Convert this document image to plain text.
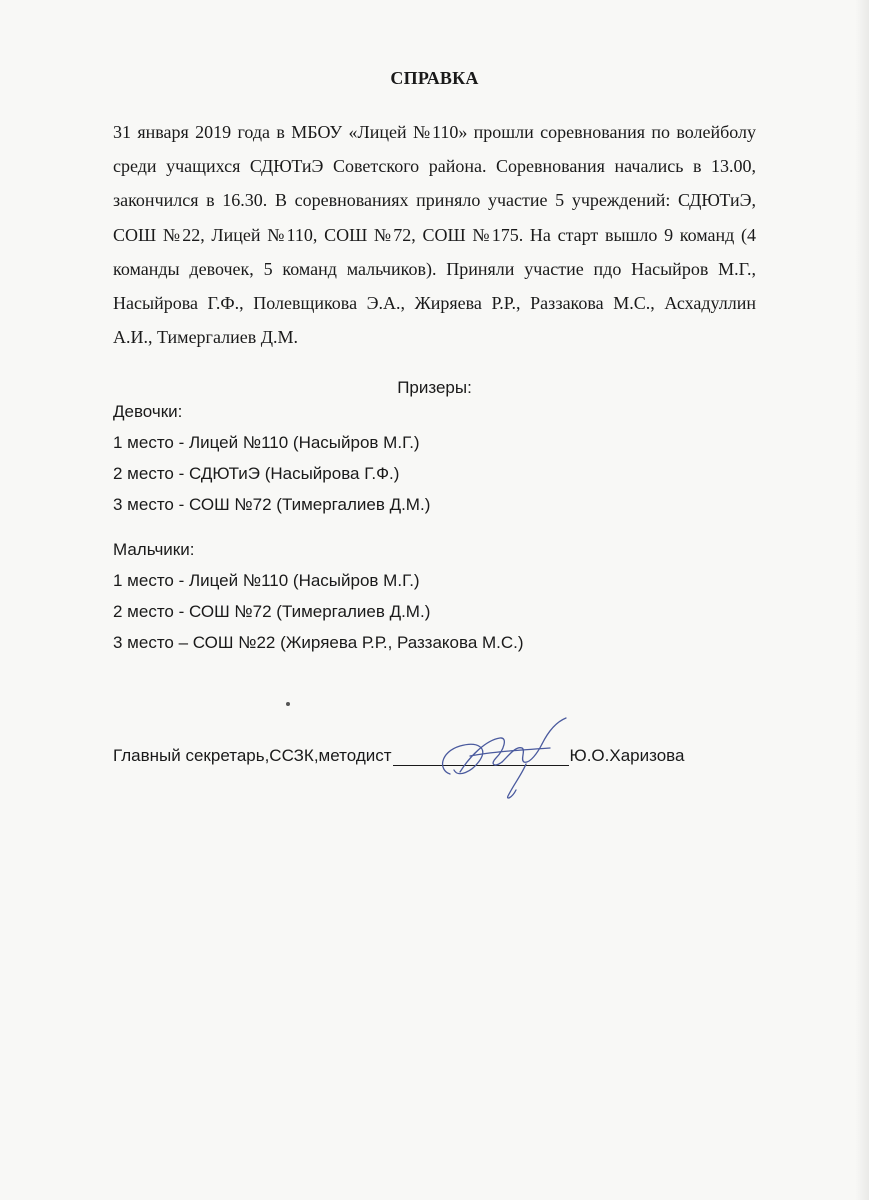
СПРАВКА

31 января 2019 года в МБОУ «Лицей №110» прошли соревнования по волейболу среди учащихся СДЮТиЭ Советского района. Соревнования начались в 13.00, закончился в 16.30. В соревнованиях приняло участие 5 учреждений: СДЮТиЭ, СОШ №22, Лицей №110, СОШ №72, СОШ №175. На старт вышло 9 команд (4 команды девочек, 5 команд мальчиков). Приняли участие пдо Насыйров М.Г., Насыйрова Г.Ф., Полевщикова Э.А., Жиряева Р.Р., Раззакова М.С., Асхадуллин А.И., Тимергалиев Д.М.

Призеры:
Девочки:
1 место - Лицей №110 (Насыйров М.Г.)
2 место - СДЮТиЭ (Насыйрова Г.Ф.)
3 место - СОШ №72 (Тимергалиев Д.М.)
Мальчики:
1 место - Лицей №110 (Насыйров М.Г.)
2 место - СОШ №72 (Тимергалиев Д.М.)
3 место – СОШ №22 (Жиряева Р.Р., Раззакова М.С.)
Главный секретарь,ССЗК,методист	Ю.О.Харизова
